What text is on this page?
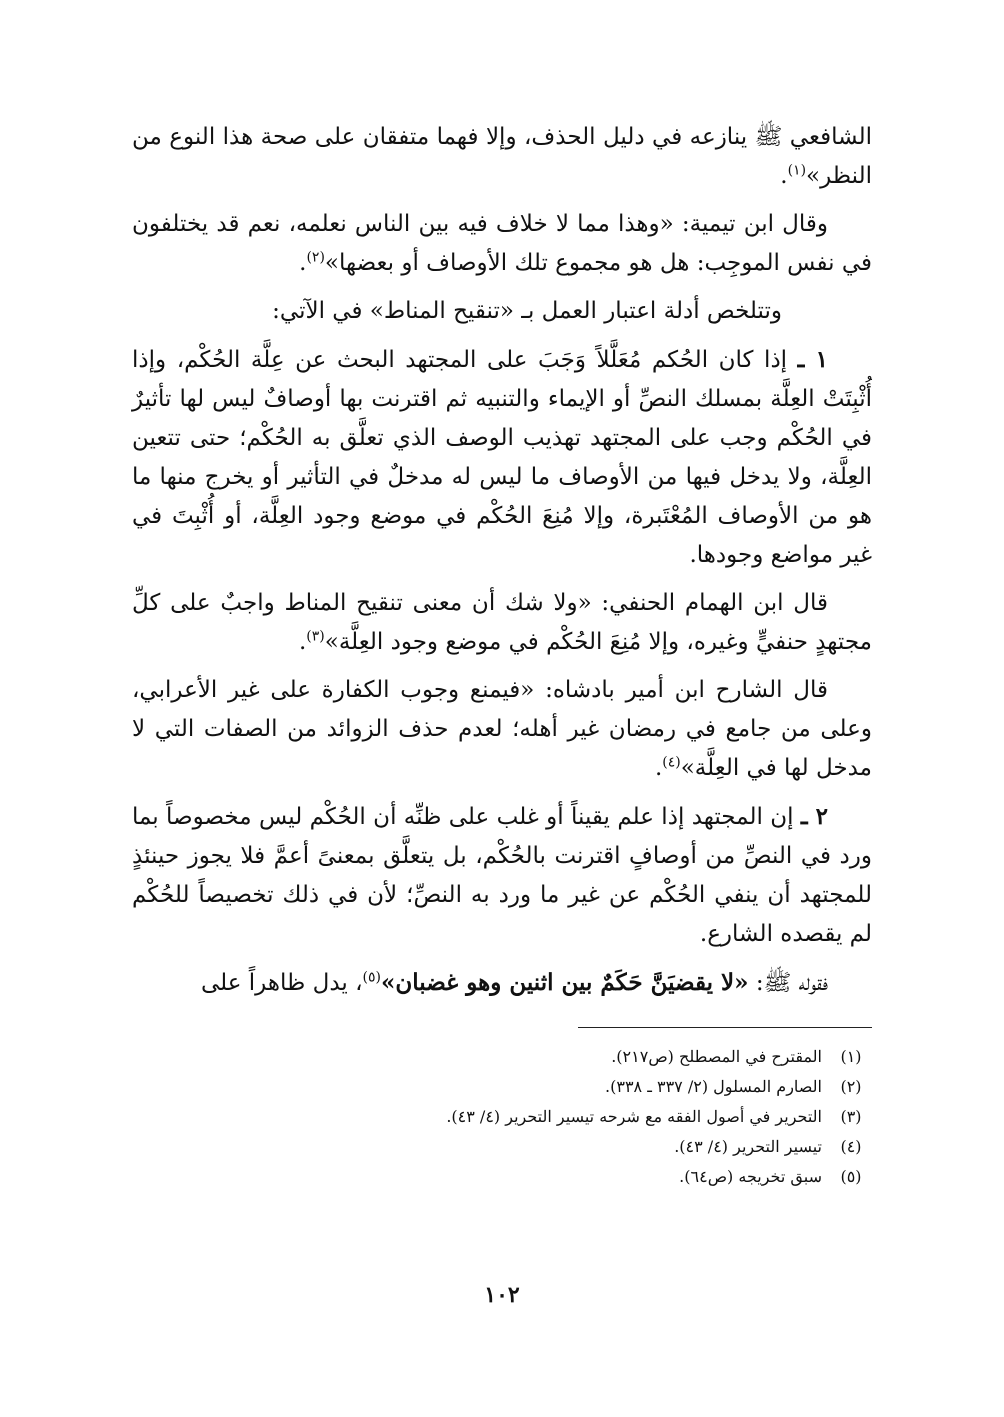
الشافعي ﷺ ينازعه في دليل الحذف، وإلا فهما متفقان على صحة هذا النوع من النظر»$^{(١)}$.

وقال ابن تيمية: «وهذا مما لا خلاف فيه بين الناس نعلمه، نعم قد يختلفون في نفس الموجِب: هل هو مجموع تلك الأوصاف أو بعضها»$^{(٢)}$.

وتتلخص أدلة اعتبار العمل بـ «تنقيح المناط» في الآتي:

١ ـ إذا كان الحُكم مُعَلَّلاً وَجَبَ على المجتهد البحث عن عِلَّة الحُكْم، وإذا أُثْبِتَتْ العِلَّة بمسلك النصِّ أو الإيماء والتنبيه ثم اقترنت بها أوصافٌ ليس لها تأثيرٌ في الحُكْم وجب على المجتهد تهذيب الوصف الذي تعلَّق به الحُكْم؛ حتى تتعين العِلَّة، ولا يدخل فيها من الأوصاف ما ليس له مدخلٌ في التأثير أو يخرج منها ما هو من الأوصاف المُعْتَبرة، وإلا مُنِعَ الحُكْم في موضع وجود العِلَّة، أو أُثْبِتَ في غير مواضع وجودها.

قال ابن الهمام الحنفي: «ولا شك أن معنى تنقيح المناط واجبٌ على كلِّ مجتهدٍ حنفيٍّ وغيره، وإلا مُنِعَ الحُكْم في موضع وجود العِلَّة»$^{(٣)}$.

قال الشارح ابن أمير بادشاه: «فيمنع وجوب الكفارة على غير الأعرابي، وعلى من جامع في رمضان غير أهله؛ لعدم حذف الزوائد من الصفات التي لا مدخل لها في العِلَّة»$^{(٤)}$.

٢ ـ إن المجتهد إذا علم يقيناً أو غلب على ظنِّه أن الحُكْم ليس مخصوصاً بما ورد في النصِّ من أوصافٍ اقترنت بالحُكْم، بل يتعلَّق بمعنىً أعمَّ فلا يجوز حينئذٍ للمجتهد أن ينفي الحُكْم عن غير ما ورد به النصِّ؛ لأن في ذلك تخصيصاً للحُكْم لم يقصده الشارع.

فقوله ﷺ: «لا يقضيَنَّ حَكَمٌ بين اثنين وهو غضبان»$^{(٥)}$، يدل ظاهراً على

(١)
المقترح في المصطلح (ص٢١٧).
(٢)
الصارم المسلول (٢/ ٣٣٧ ـ ٣٣٨).
(٣)
التحرير في أصول الفقه مع شرحه تيسير التحرير (٤/ ٤٣).
(٤)
تيسير التحرير (٤/ ٤٣).
(٥)
سبق تخريجه (ص٦٤).
١٠٢
